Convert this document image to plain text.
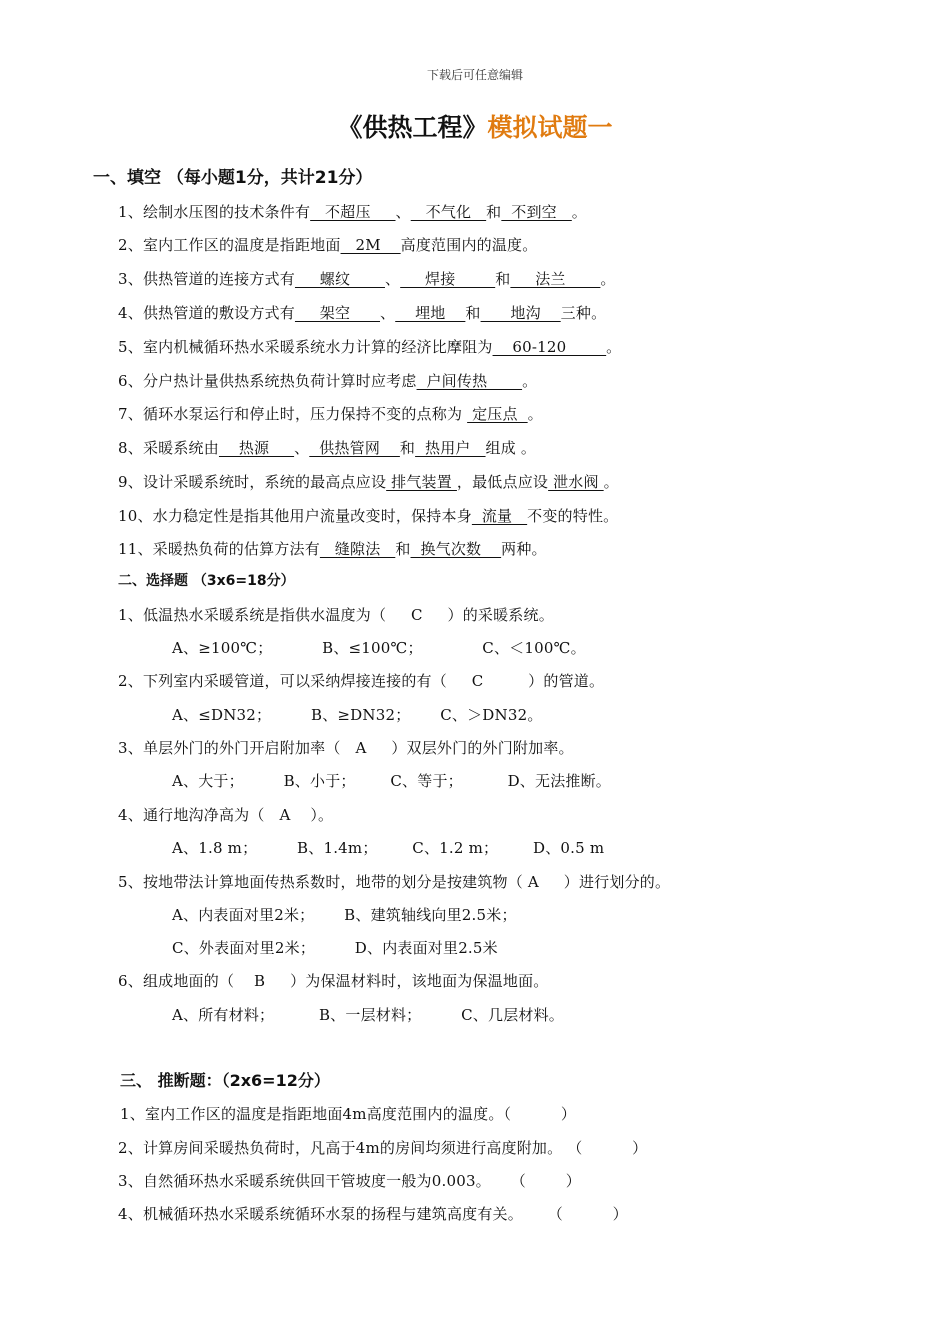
下载后可任意编辑
《供热工程》模拟试题一
一、填空 （每小题1分，共计21分）
1、绘制水压图的技术条件有   不超压     、   不气化   和  不到空   。
2、室内工作区的温度是指距地面   2M    高度范围内的温度。
3、供热管道的连接方式有     螺纹       、     焊接        和     法兰       。
4、供热管道的敷设方式有     架空      、    埋地    和      地沟    三种。
5、室内机械循环热水采暖系统水力计算的经济比摩阻为    60-120        。
6、分户热计量供热系统热负荷计算时应考虑  户间传热       。
7、循环水泵运行和停止时，压力保持不变的点称为  定压点  。
8、采暖系统由    热源     、  供热管网    和  热用户   组成 。
9、设计采暖系统时，系统的最高点应设 排气装置 ，最低点应设 泄水阀 。
10、水力稳定性是指其他用户流量改变时，保持本身  流量   不变的特性。
11、采暖热负荷的估算方法有   缝隙法   和  换气次数    两种。
二、选择题 （3x6=18分）
1、低温热水采暖系统是指供水温度为（     C     ）的采暖系统。
A、≥100℃；          B、≤100℃；            C、＜100℃。
2、下列室内采暖管道，可以采纳焊接连接的有（     C         ）的管道。
A、≤DN32；        B、≥DN32；      C、＞DN32。
3、单层外门的外门开启附加率（   A     ）双层外门的外门附加率。
A、大于；        B、小于；       C、等于；         D、无法推断。
4、通行地沟净高为（   A    ）。
A、1.8 m；        B、1.4m；       C、1.2 m；       D、0.5 m
5、按地带法计算地面传热系数时，地带的划分是按建筑物（ A     ）进行划分的。
A、内表面对里2米；      B、建筑轴线向里2.5米；
C、外表面对里2米；        D、内表面对里2.5米
6、组成地面的（    B     ）为保温材料时，该地面为保温地面。
A、所有材料；         B、一层材料；        C、几层材料。
三、 推断题：（2x6=12分）
1、室内工作区的温度是指距地面4m高度范围内的温度。（          ）
2、计算房间采暖热负荷时，凡高于4m的房间均须进行高度附加。 （          ）
3、自然循环热水采暖系统供回干管坡度一般为0.003。    （        ）
4、机械循环热水采暖系统循环水泵的扬程与建筑高度有关。     （          ）
